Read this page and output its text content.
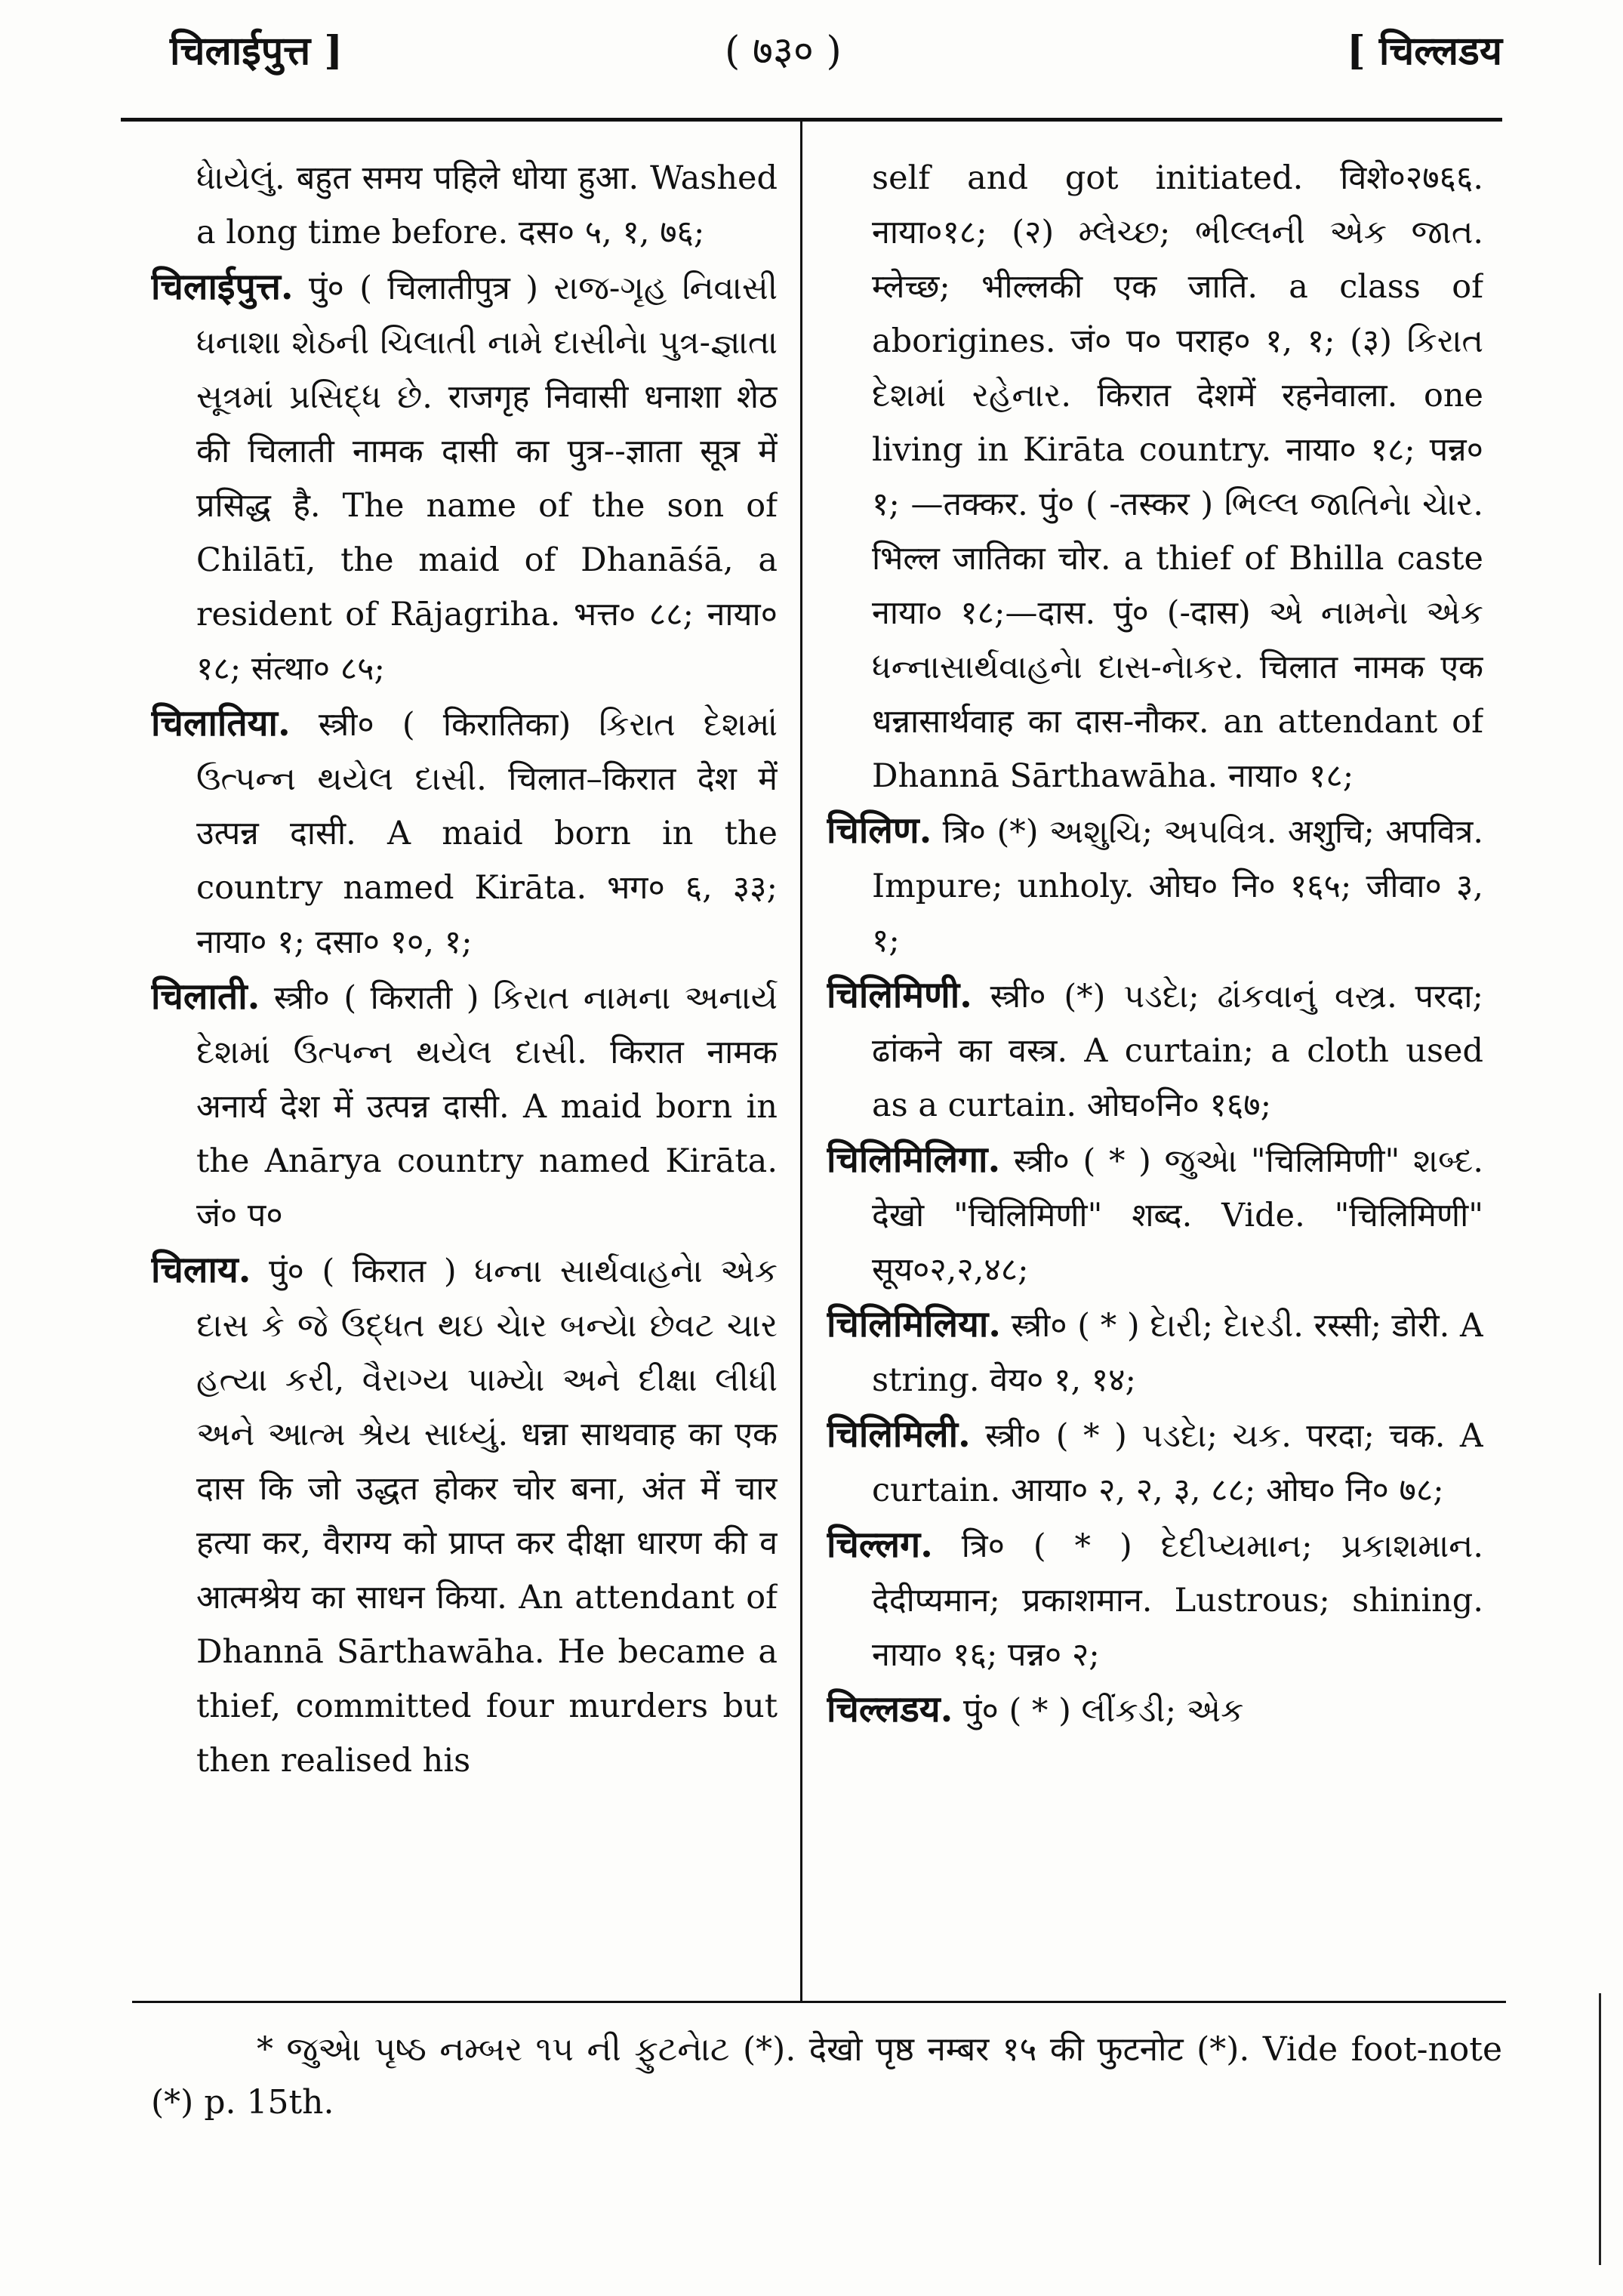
चिलाईपुत्त ]	( ७३० )	[ चिल्लडय

ધેાયેલું. बहुत समय पहिले धोया हुआ. Washed a long time before. दस० ५, १, ७६;

चिलाईपुत्त. पुं० ( चिलातीपुत्र ) રાજ-ગૃહ નિવાસી ધનાશા શેઠની ચિલાતી નામે દાસીનેા પુત્ર-જ્ઞાતા સૂત્રમાં પ્રસિદ્ધ છે. राजगृह निवासी धनाशा शेठ की चिलाती नामक दासी का पुत्र--ज्ञाता सूत्र में प्रसिद्ध है. The name of the son of Chilātī, the maid of Dhanāśā, a resident of Rājagriha. भत्त० ८८; नाया० १८; संत्था० ८५;

चिलातिया. स्त्री० ( किरातिका) કિરાત દેશમાં ઉત્પન્ન થયેલ દાસી. चिलात–किरात देश में उत्पन्न दासी. A maid born in the country named Kirāta. भग० ६, ३३; नाया० १; दसा० १०, १;

चिलाती. स्त्री० ( किराती ) કિરાત નામના અનાર્ય દેશમાં ઉત્પન્ન થયેલ દાસી. किरात नामक अनार्य देश में उत्पन्न दासी. A maid born in the Anārya country named Kirāta. जं० प०

चिलाय. पुं० ( किरात ) ધન્ના સાર્થવાહનેા એક દાસ કે જે ઉદ્ધત થઇ ચેાર બન્યેા છેવટ ચાર હત્યા કરી, વૈરાગ્ય પામ્યેા અને દીક્ષા લીધી અને આત્મ શ્રેય સાધ્યું. धन्ना साथवाह का एक दास कि जो उद्धत होकर चोर बना, अंत में चार हत्या कर, वैराग्य को प्राप्त कर दीक्षा धारण की व आत्मश्रेय का साधन किया. An attendant of Dhannā Sārthawāha. He became a thief, committed four murders but then realised his

self and got initiated. विशे०२७६६. नाया०१८; (२) મ્લેચ્છ; ભીલ્લની એક જાત. म्लेच्छ; भील्लकी एक जाति. a class of aborigines. जं० प० पराह० १, १; (३) કિરાત દેશમાં રહેનાર. किरात देशमें रहनेवाला. one living in Kirāta country. नाया० १८; पन्न० १; —तक्कर. पुं० ( -तस्कर ) ભિલ્લ જાતિનેા ચેાર. भिल्ल जातिका चोर. a thief of Bhilla caste नाया० १८;—दास. पुं० (-दास) એ નામનેા એક ધન્નાસાર્થવાહનેા દાસ-નેાકર. चिलात नामक एक धन्नासार्थवाह का दास-नौकर. an attendant of Dhannā Sārthawāha. नाया० १८;

चिलिण. त्रि० (*) અશુચિ; અપવિત્ર. अशुचि; अपवित्र. Impure; unholy. ओघ० नि० १६५; जीवा० ३, १;

चिलिमिणी. स्त्री० (*) પડદેા; ઢાંકવાનું વસ્ત્ર. परदा; ढांकने का वस्त्र. A curtain; a cloth used as a curtain. ओघ०नि० १६७;

चिलिमिलिगा. स्त्री० ( * ) જુએા "चिलिमिणी" શબ્દ. देखो "चिलिमिणी" शब्द. Vide. "चिलिमिणी" सूय०२,२,४८;

चिलिमिलिया. स्त्री० ( * ) દેારી; દેારડી. रस्सी; डोरी. A string. वेय० १, १४;

चिलिमिली. स्त्री० ( * ) પડદેા; ચક. परदा; चक. A curtain. आया० २, २, ३, ८८; ओघ० नि० ७८;

चिल्लग. त्रि० ( * ) દેદીપ્યમાન; પ્રકાશમાન. देदीप्यमान; प्रकाशमान. Lustrous; shining. नाया० १६; पन्न० २;

चिल्लडय. पुं० ( * ) લીંકડી; એક

* જુએા પૃષ્ઠ નમ્બર ૧૫ ની ફુટનેાટ (*). देखो पृष्ठ नम्बर १५ की फुटनोट (*). Vide foot-note (*) p. 15th.
